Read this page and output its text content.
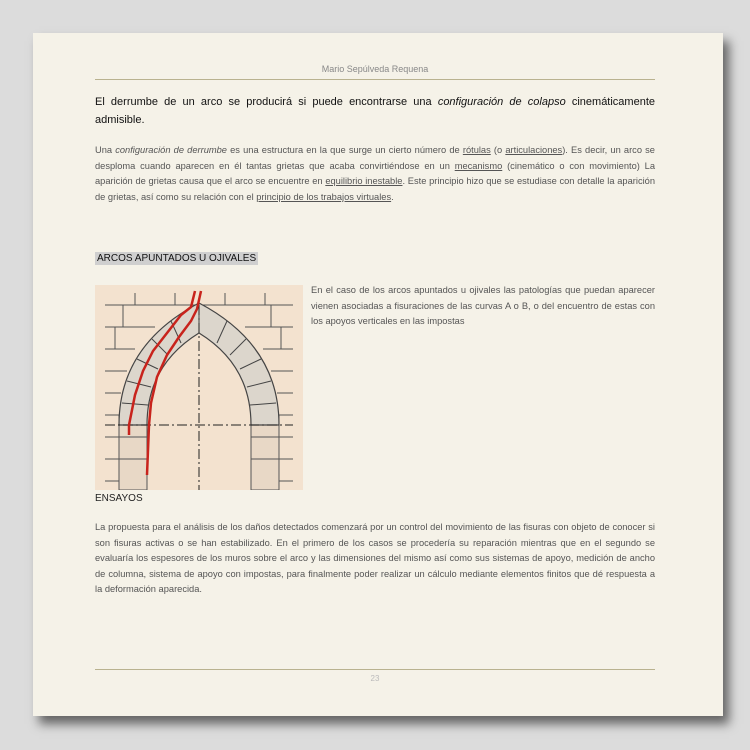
Mario Sepúlveda Requena
El derrumbe de un arco se producirá si puede encontrarse una configuración de colapso cinemáticamente admisible.
Una configuración de derrumbe es una estructura en la que surge un cierto número de rótulas (o articulaciones). Es decir, un arco se desploma cuando aparecen en él tantas grietas que acaba convirtiéndose en un mecanismo (cinemático o con movimiento) La aparición de grietas causa que el arco se encuentre en equilibrio inestable. Este principio hizo que se estudiase con detalle la aparición de grietas, así como su relación con el principio de los trabajos virtuales.
ARCOS APUNTADOS U OJIVALES
En el caso de los arcos apuntados u ojivales las patologías que puedan aparecer vienen asociadas a fisuraciones de las curvas A o B, o del encuentro de estas con los apoyos verticales en las impostas
ENSAYOS
La propuesta para el análisis de los daños detectados comenzará por un control del movimiento de las fisuras con objeto de conocer si son fisuras activas o se han estabilizado. En el primero de los casos se procedería su reparación mientras que en el segundo se evaluaría los espesores de los muros sobre el arco y las dimensiones del mismo así como sus sistemas de apoyo, medición de ancho de columna, sistema de apoyo con impostas, para finalmente poder realizar un cálculo mediante elementos finitos que dé respuesta a la deformación aparecida.
23
